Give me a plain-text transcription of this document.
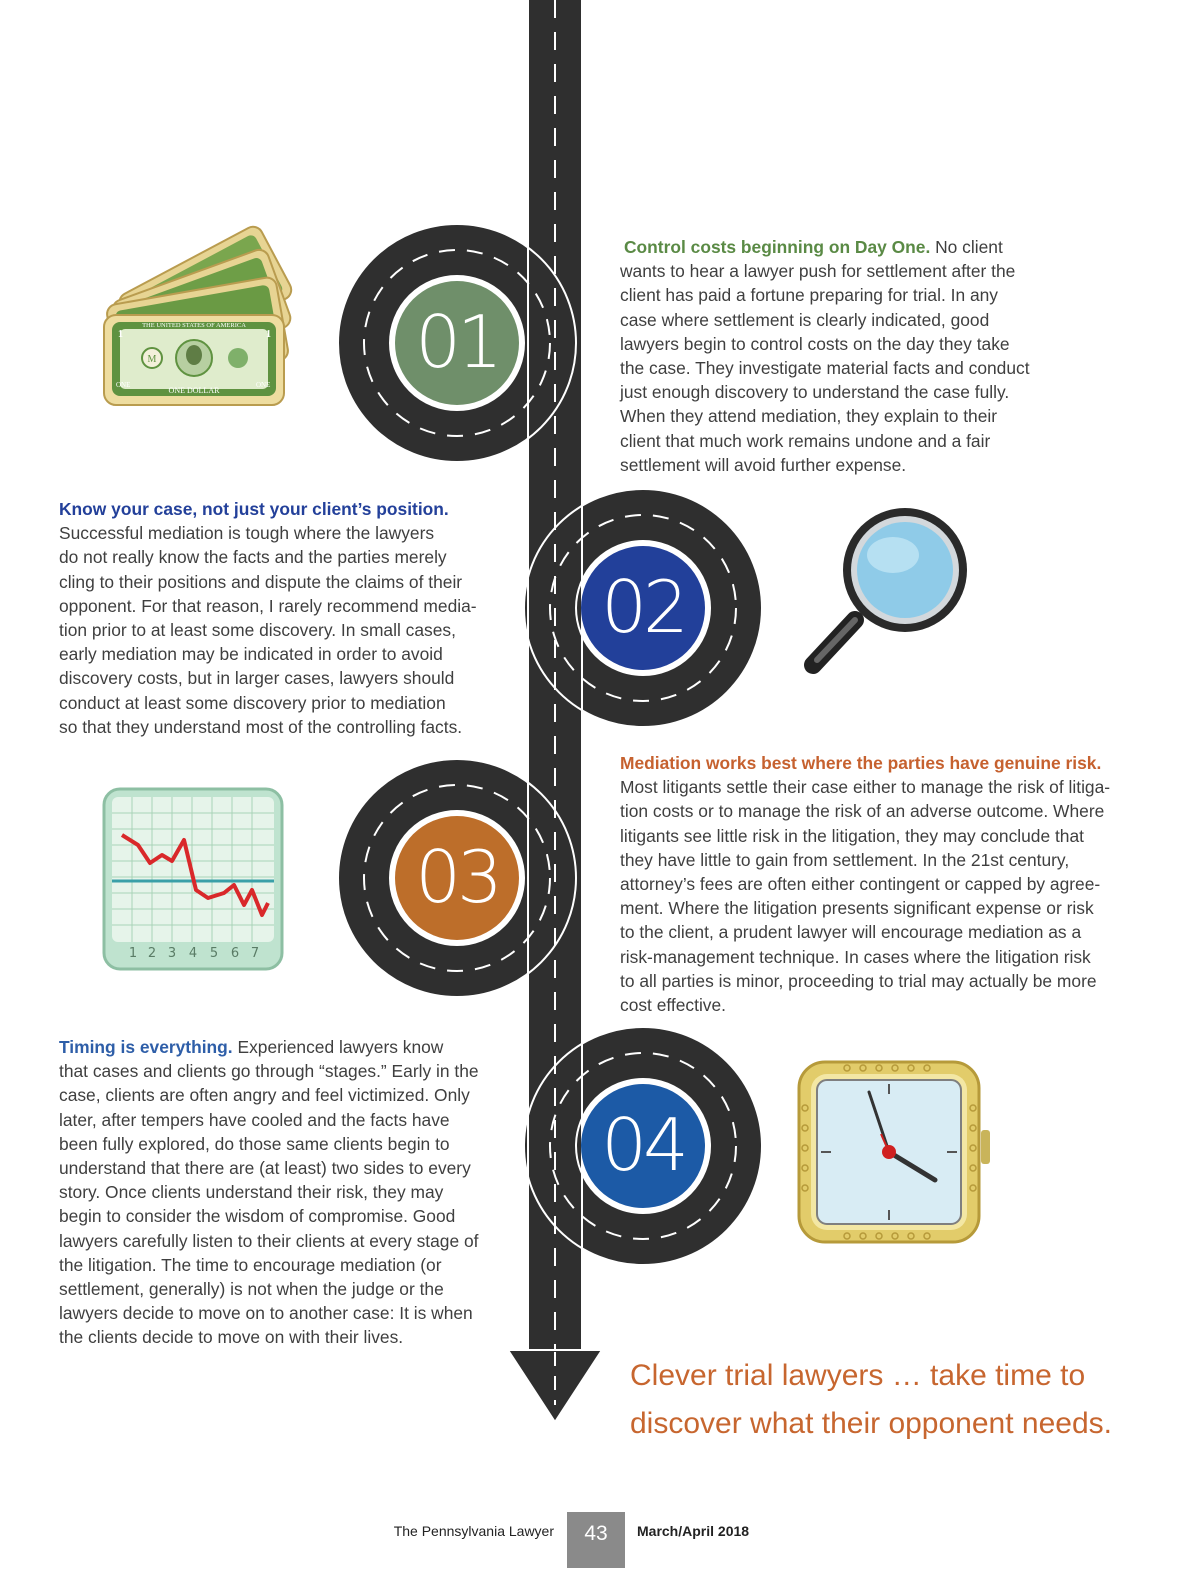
01
02
03
04
Control costs beginning on Day One. No client
wants to hear a lawyer push for settlement after the
client has paid a fortune preparing for trial. In any
case where settlement is clearly indicated, good
lawyers begin to control costs on the day they take
the case. They investigate material facts and conduct
just enough discovery to understand the case fully.
When they attend mediation, they explain to their
client that much work remains undone and a fair
settlement will avoid further expense.
Know your case, not just your client’s position.
Successful mediation is tough where the lawyers
do not really know the facts and the parties merely
cling to their positions and dispute the claims of their
opponent. For that reason, I rarely recommend media-
tion prior to at least some discovery. In small cases,
early mediation may be indicated in order to avoid
discovery costs, but in larger cases, lawyers should
conduct at least some discovery prior to mediation
so that they understand most of the controlling facts.
Mediation works best where the parties have genuine risk.
Most litigants settle their case either to manage the risk of litiga-
tion costs or to manage the risk of an adverse outcome. Where
litigants see little risk in the litigation, they may conclude that
they have little to gain from settlement. In the 21st century,
attorney’s fees are often either contingent or capped by agree-
ment. Where the litigation presents significant expense or risk
to the client, a prudent lawyer will encourage mediation as a
risk-management technique. In cases where the litigation risk
to all parties is minor, proceeding to trial may actually be more
cost effective.
Timing is everything. Experienced lawyers know
that cases and clients go through “stages.” Early in the
case, clients are often angry and feel victimized. Only
later, after tempers have cooled and the facts have
been fully explored, do those same clients begin to
understand that there are (at least) two sides to every
story. Once clients understand their risk, they may
begin to consider the wisdom of compromise. Good
lawyers carefully listen to their clients at every stage of
the litigation. The time to encourage mediation (or
settlement, generally) is not when the judge or the
lawyers decide to move on to another case: It is when
the clients decide to move on with their lives.
THE UNITED STATES OF AMERICA
ONE DOLLAR
1	1
ONE	ONE
M
1 2 3 4 5 6 7
Clever trial lawyers … take time to
discover what their opponent needs.
The Pennsylvania Lawyer	43	March/April 2018
